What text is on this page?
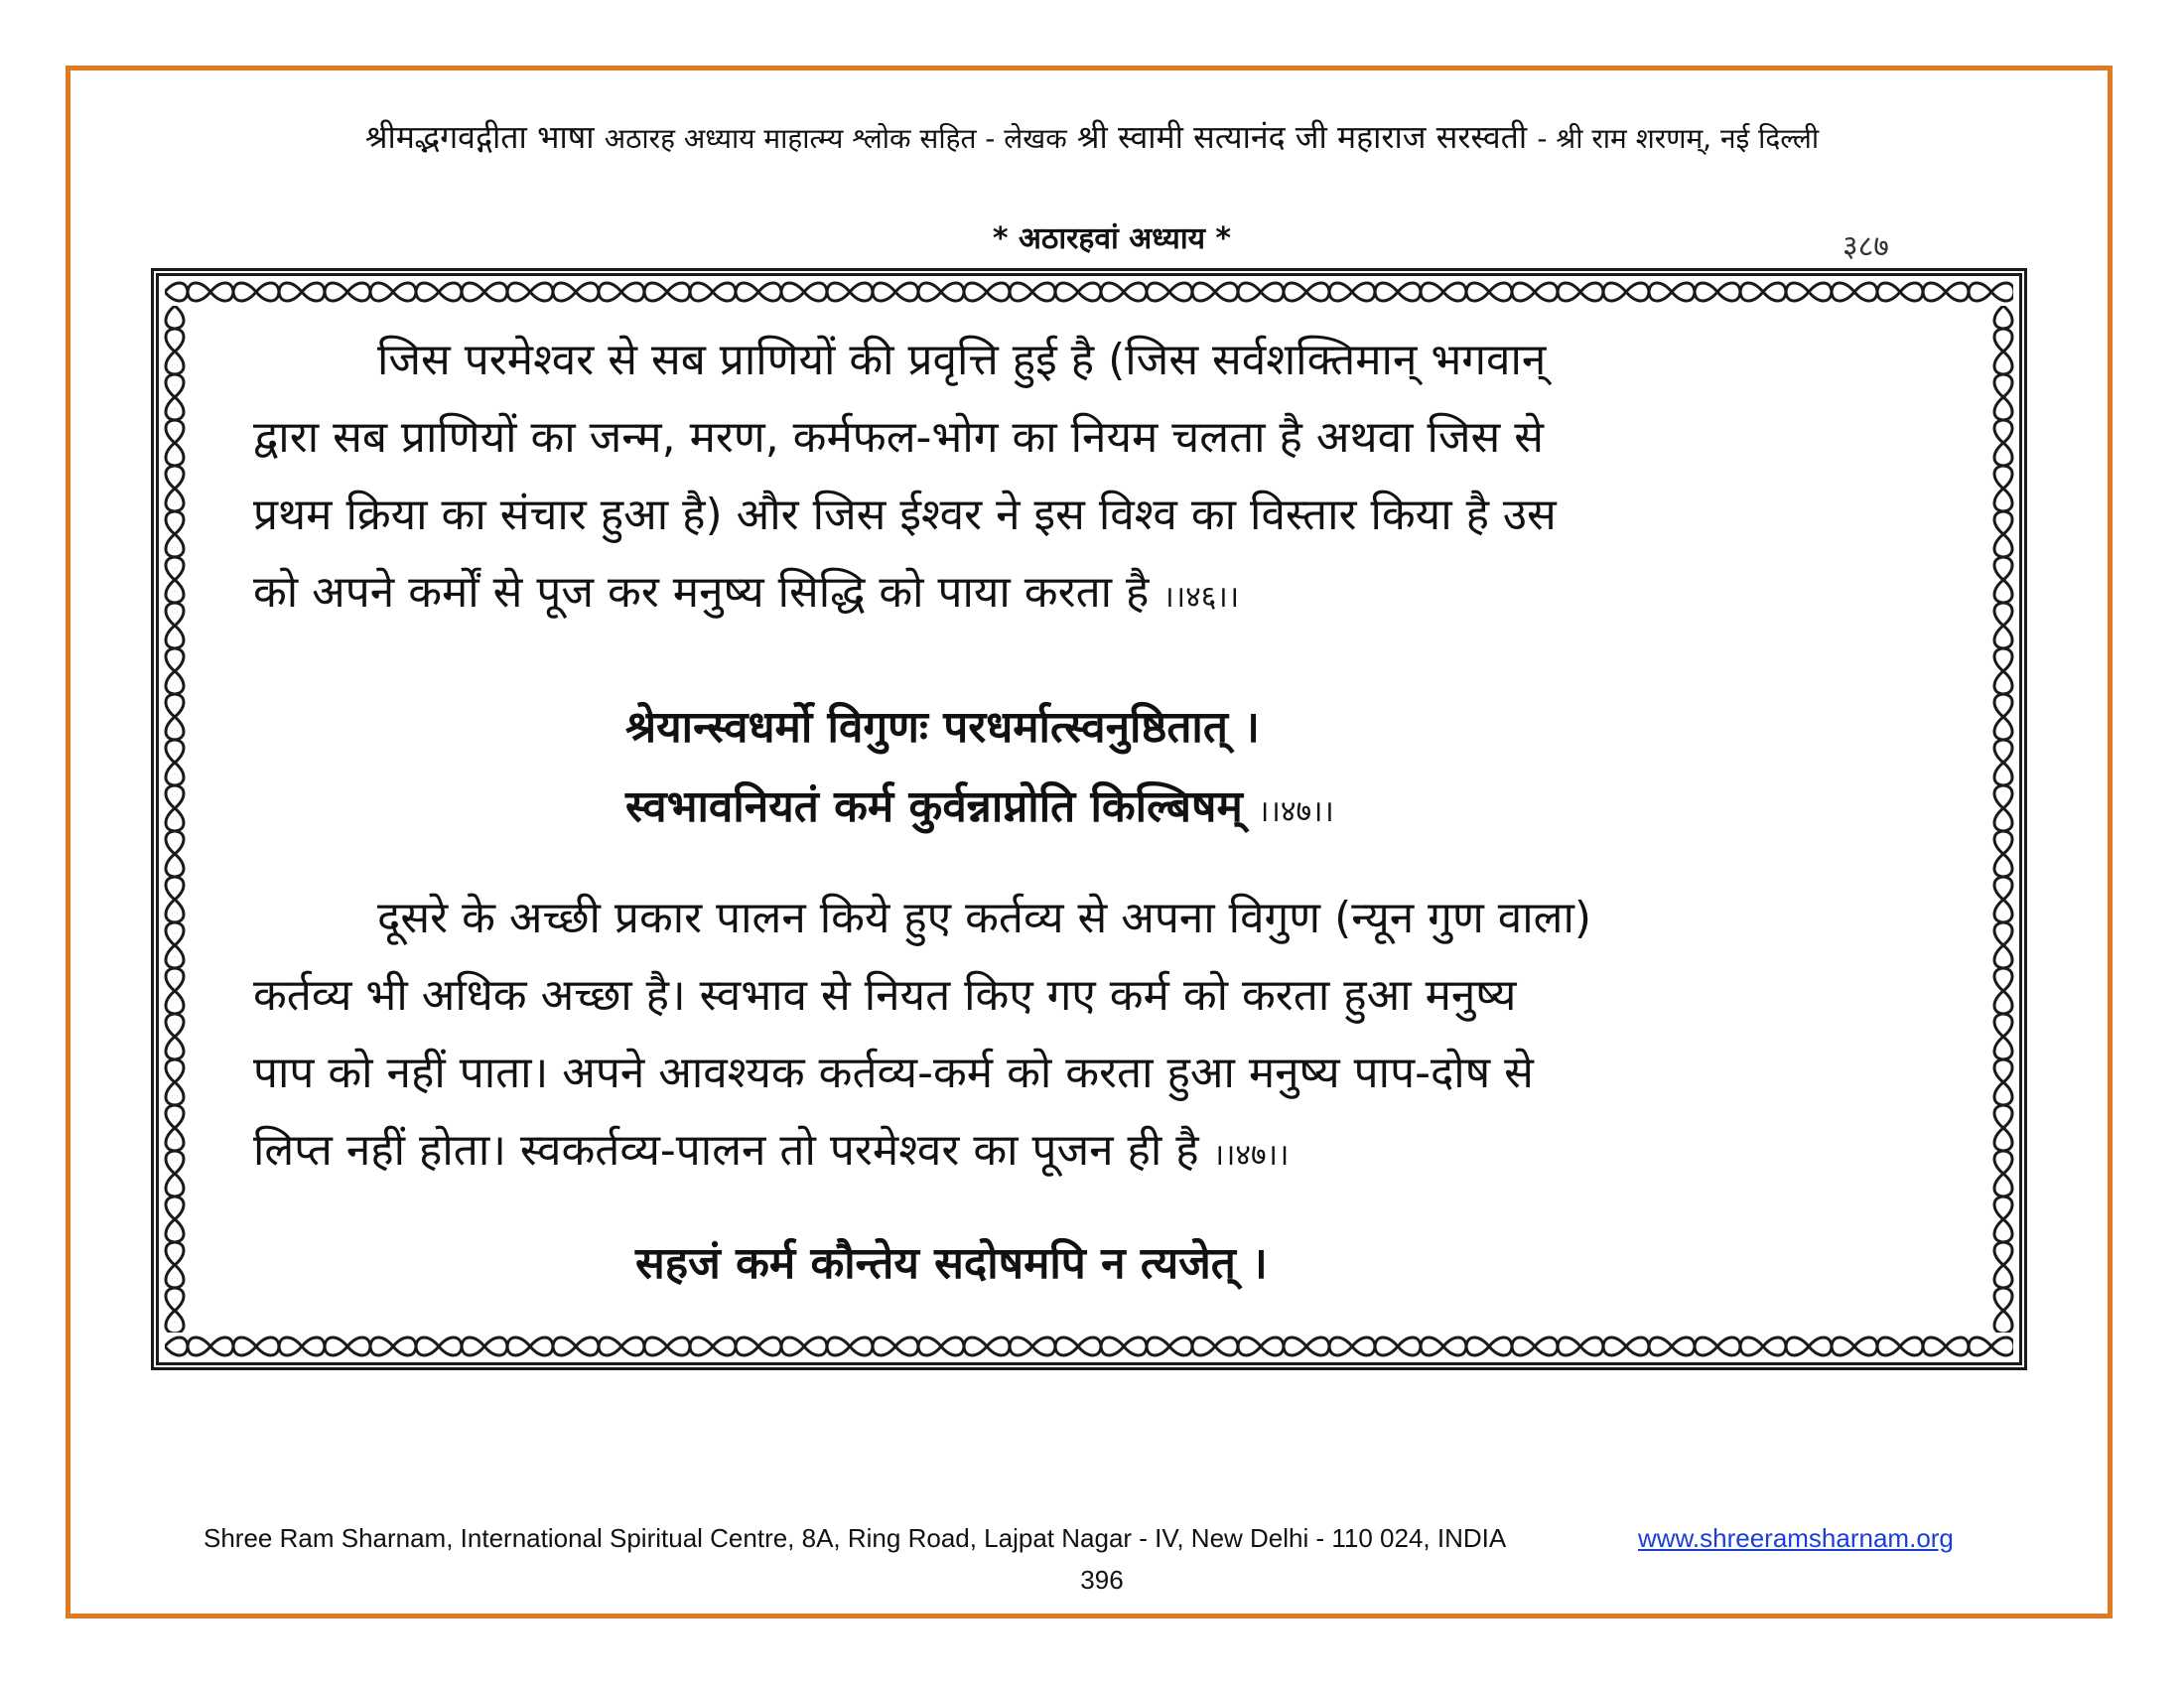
श्रीमद्भगवद्गीता भाषा अठारह अध्याय माहात्म्य श्लोक सहित - लेखक श्री स्वामी सत्यानंद जी महाराज सरस्वती - श्री राम शरणम्, नई दिल्ली
* अठारहवां अध्याय *	३८७
जिस परमेश्वर से सब प्राणियों की प्रवृत्ति हुई है (जिस सर्वशक्तिमान् भगवान्
द्वारा सब प्राणियों का जन्म, मरण, कर्मफल-भोग का नियम चलता है अथवा जिस से
प्रथम क्रिया का संचार हुआ है) और जिस ईश्वर ने इस विश्व का विस्तार किया है उस
को अपने कर्मों से पूज कर मनुष्य सिद्धि को पाया करता है ।।४६।।
श्रेयान्स्वधर्मो विगुणः परधर्मात्स्वनुष्ठितात् ।
स्वभावनियतं कर्म कुर्वन्नाप्नोति किल्बिषम् ।।४७।।
दूसरे के अच्छी प्रकार पालन किये हुए कर्तव्य से अपना विगुण (न्यून गुण वाला)
कर्तव्य भी अधिक अच्छा है। स्वभाव से नियत किए गए कर्म को करता हुआ मनुष्य
पाप को नहीं पाता। अपने आवश्यक कर्तव्य-कर्म को करता हुआ मनुष्य पाप-दोष से
लिप्त नहीं होता। स्वकर्तव्य-पालन तो परमेश्वर का पूजन ही है ।।४७।।
सहजं कर्म कौन्तेय सदोषमपि न त्यजेत् ।
Shree Ram Sharnam, International Spiritual Centre, 8A, Ring Road, Lajpat Nagar - IV, New Delhi - 110 024, INDIA	www.shreeramsharnam.org
396
